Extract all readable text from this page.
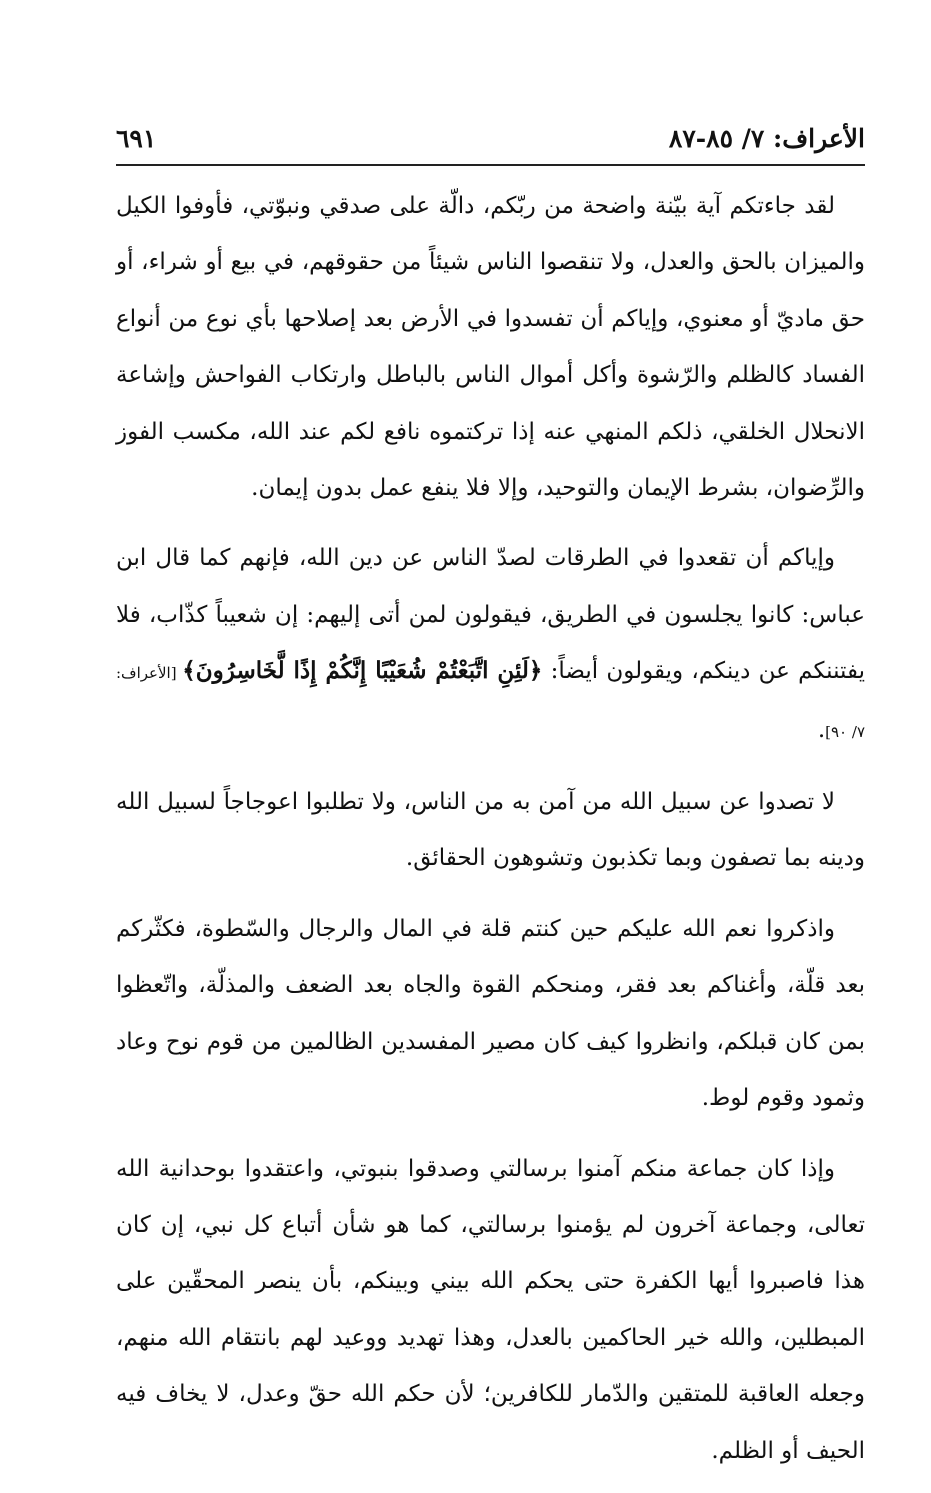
الأعراف: ٧/ ٨٥-٨٧
٦٩١

لقد جاءتكم آية بيّنة واضحة من ربّكم، دالّة على صدقي ونبوّتي، فأوفوا الكيل والميزان بالحق والعدل، ولا تنقصوا الناس شيئاً من حقوقهم، في بيع أو شراء، أو حق ماديّ أو معنوي، وإياكم أن تفسدوا في الأرض بعد إصلاحها بأي نوع من أنواع الفساد كالظلم والرّشوة وأكل أموال الناس بالباطل وارتكاب الفواحش وإشاعة الانحلال الخلقي، ذلكم المنهي عنه إذا تركتموه نافع لكم عند الله، مكسب الفوز والرِّضوان، بشرط الإيمان والتوحيد، وإلا فلا ينفع عمل بدون إيمان.

وإياكم أن تقعدوا في الطرقات لصدّ الناس عن دين الله، فإنهم كما قال ابن عباس: كانوا يجلسون في الطريق، فيقولون لمن أتى إليهم: إن شعيباً كذّاب، فلا يفتننكم عن دينكم، ويقولون أيضاً: ﴿لَئِنِ اتَّبَعْتُمْ شُعَيْبًا إِنَّكُمْ إِذًا لَّخَاسِرُونَ﴾ [الأعراف: ٧/ ٩٠].

لا تصدوا عن سبيل الله من آمن به من الناس، ولا تطلبوا اعوجاجاً لسبيل الله ودينه بما تصفون وبما تكذبون وتشوهون الحقائق.

واذكروا نعم الله عليكم حين كنتم قلة في المال والرجال والسّطوة، فكثّركم بعد قلّة، وأغناكم بعد فقر، ومنحكم القوة والجاه بعد الضعف والمذلّة، واتّعظوا بمن كان قبلكم، وانظروا كيف كان مصير المفسدين الظالمين من قوم نوح وعاد وثمود وقوم لوط.

وإذا كان جماعة منكم آمنوا برسالتي وصدقوا بنبوتي، واعتقدوا بوحدانية الله تعالى، وجماعة آخرون لم يؤمنوا برسالتي، كما هو شأن أتباع كل نبي، إن كان هذا فاصبروا أيها الكفرة حتى يحكم الله بيني وبينكم، بأن ينصر المحقّين على المبطلين، والله خير الحاكمين بالعدل، وهذا تهديد ووعيد لهم بانتقام الله منهم، وجعله العاقبة للمتقين والدّمار للكافرين؛ لأن حكم الله حقّ وعدل، لا يخاف فيه الحيف أو الظلم.
